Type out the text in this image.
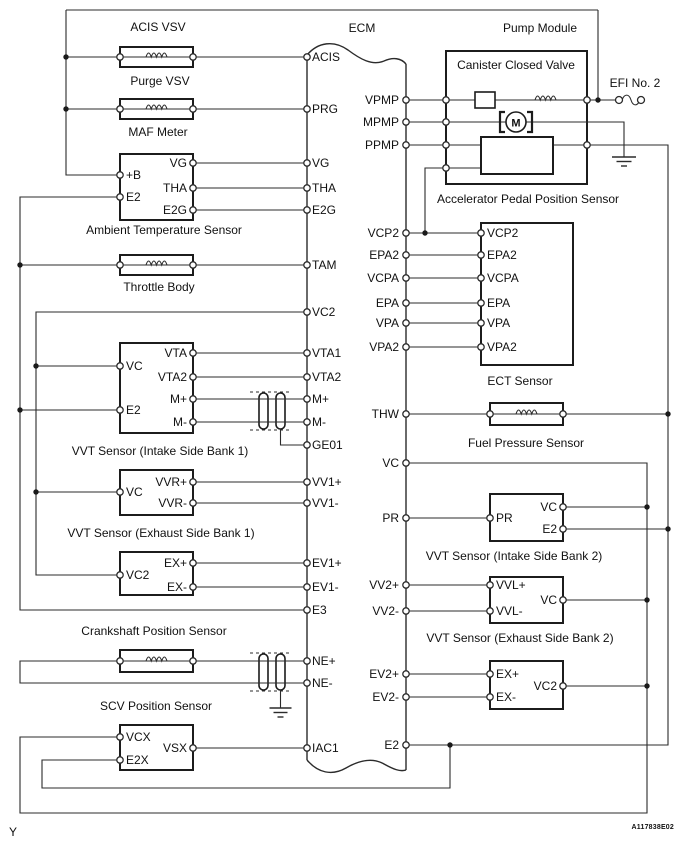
M
ECM	Pump Module
Canister Closed Valve
EFI No. 2
ACIS VSV
Purge VSV
MAF Meter
Ambient Temperature Sensor
Throttle Body
VVT Sensor (Intake Side Bank 1)
VVT Sensor (Exhaust Side Bank 1)
Crankshaft Position Sensor
SCV Position Sensor
Accelerator Pedal Position Sensor
ECT Sensor
Fuel Pressure Sensor
VVT Sensor (Intake Side Bank 2)
VVT Sensor (Exhaust Side Bank 2)
ACIS
PRG
VG
THA
E2G
TAM
VC2
VTA1
VTA2
M+
M-
GE01
VV1+
VV1-
EV1+
EV1-
E3
NE+
NE-
IAC1
VPMP
MPMP
PPMP
VCP2
EPA2
VCPA
EPA
VPA
VPA2
THW
VC
PR
VV2+
VV2-
EV2+
EV2-
E2
+B
E2
VG
THA
E2G
VC
E2
VTA
VTA2
M+
M-
VC
VVR+
VVR-
VC2
EX+
EX-
VCX
E2X
VSX
VCP2
EPA2
VCPA
EPA
VPA
VPA2
PR
VC
E2
VVL+
VVL-
VC
EX+
EX-
VC2
Y	A117838E02
